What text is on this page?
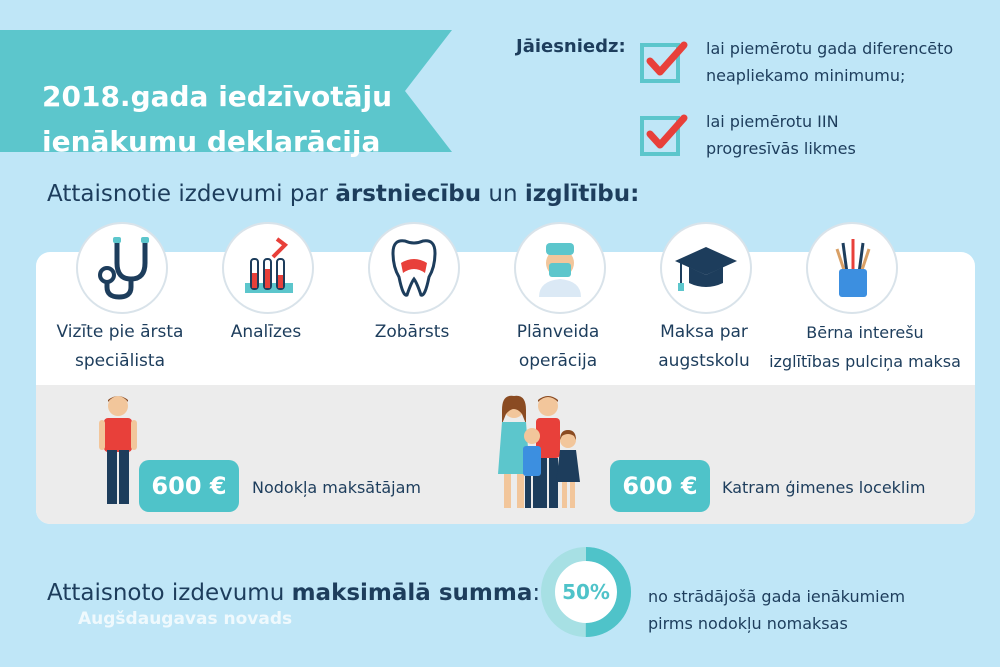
2018.gada iedzīvotāju
ienākumu deklarācija
Jāiesniedz:	lai piemērotu gada diferencēto
neapliekamo minimumu;
lai piemērotu IIN
progresīvās likmes
Attaisnotie izdevumi par ārstniecību un izglītību:
Vizīte pie ārsta
speciālista
Analīzes	Zobārsts	Plānveida
operācija
Maksa par
augstskolu
Bērna interešu
izglītības pulciņa maksa
600 €	Nodokļa maksātājam	600 €	Katram ģimenes loceklim
Attaisnoto izdevumu maksimālā summa:
Augšdaugavas novads
50%	no strādājošā gada ienākumiem
pirms nodokļu nomaksas
